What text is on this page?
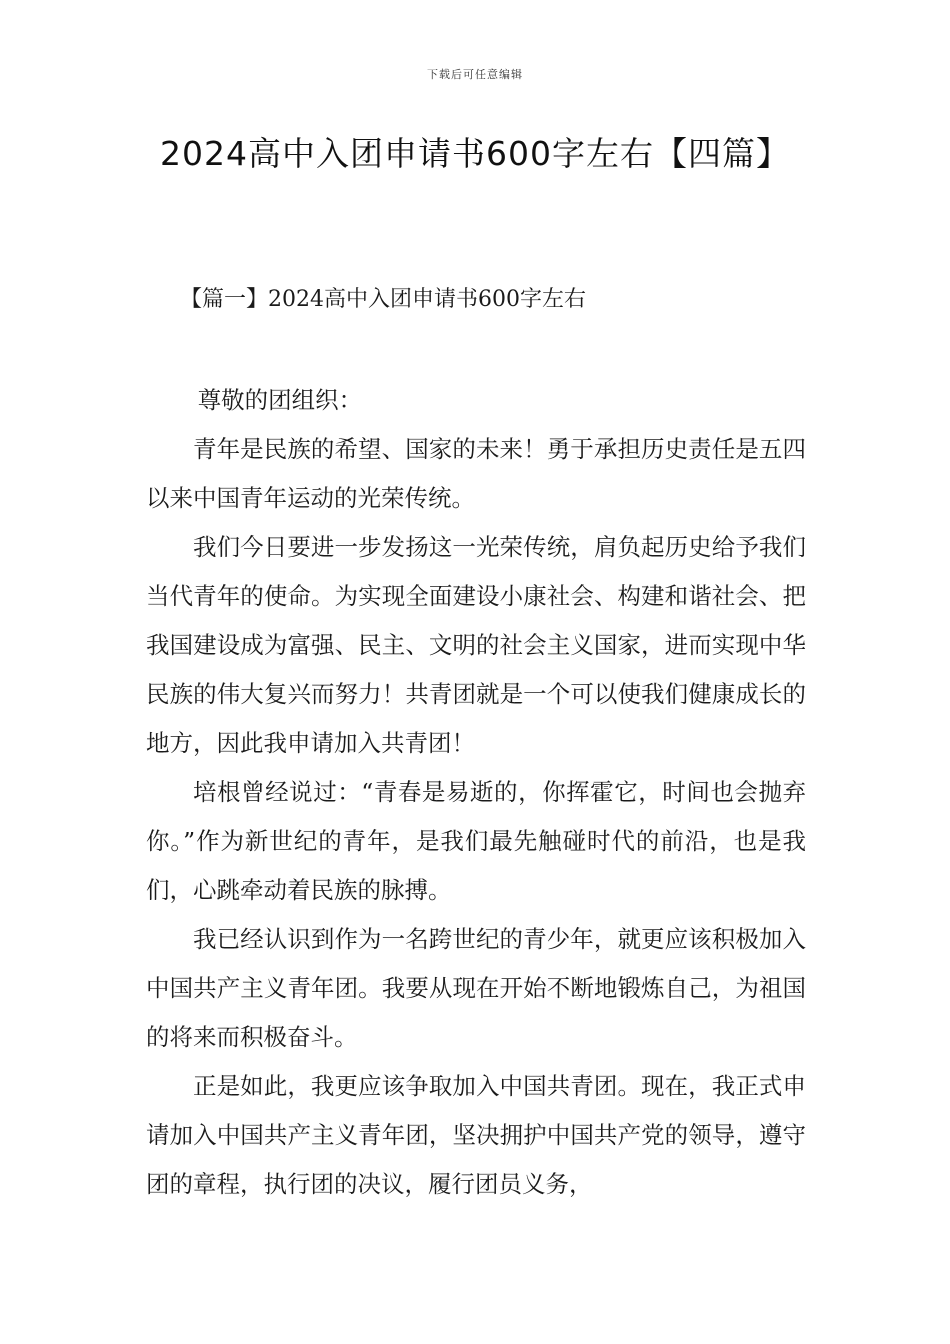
下载后可任意编辑
2024高中入团申请书600字左右【四篇】
【篇一】2024高中入团申请书600字左右

尊敬的团组织：

青年是民族的希望、国家的未来！勇于承担历史责任是五四以来中国青年运动的光荣传统。

我们今日要进一步发扬这一光荣传统，肩负起历史给予我们当代青年的使命。为实现全面建设小康社会、构建和谐社会、把我国建设成为富强、民主、文明的社会主义国家，进而实现中华民族的伟大复兴而努力！共青团就是一个可以使我们健康成长的地方，因此我申请加入共青团！

培根曾经说过：“青春是易逝的，你挥霍它，时间也会抛弃你。”作为新世纪的青年，是我们最先触碰时代的前沿，也是我们，心跳牵动着民族的脉搏。

我已经认识到作为一名跨世纪的青少年，就更应该积极加入中国共产主义青年团。我要从现在开始不断地锻炼自己，为祖国的将来而积极奋斗。

正是如此，我更应该争取加入中国共青团。现在，我正式申请加入中国共产主义青年团，坚决拥护中国共产党的领导，遵守团的章程，执行团的决议，履行团员义务，
